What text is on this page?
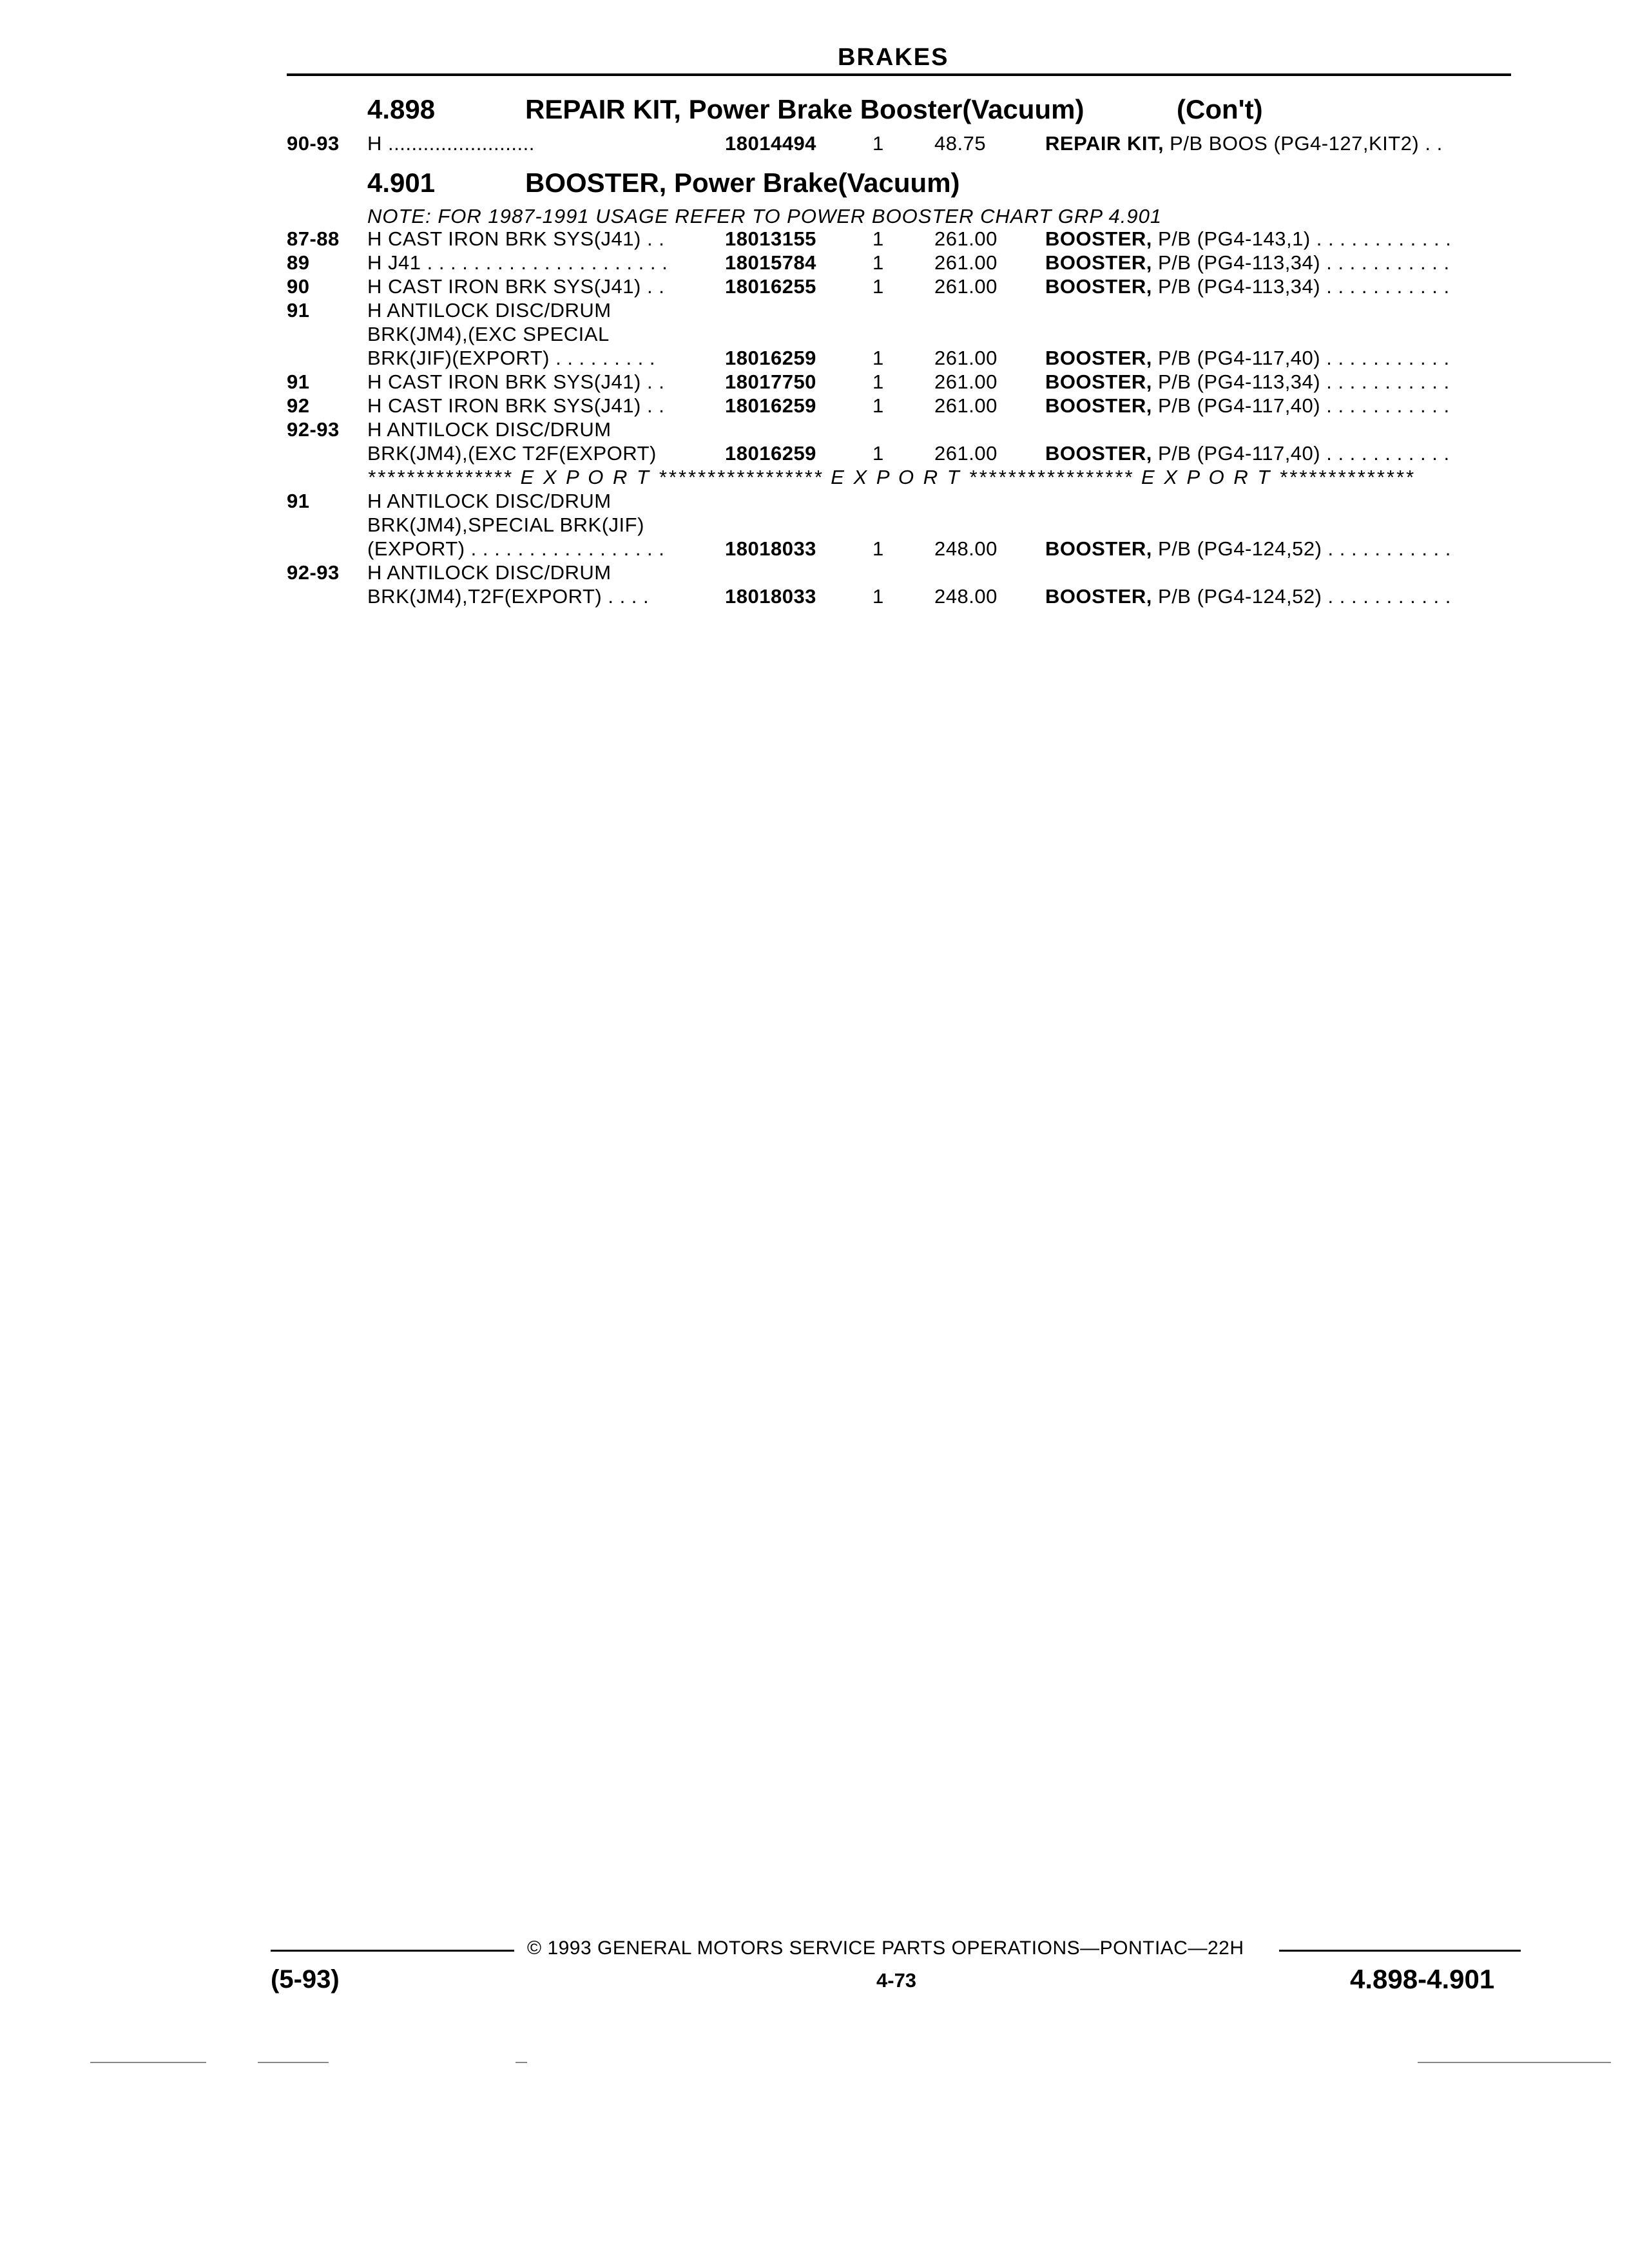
BRAKES
4.898	REPAIR KIT, Power Brake Booster(Vacuum)	(Con't)
90-93 H .........................	18014494	1	48.75	REPAIR KIT, P/B BOOS (PG4-127,KIT2) . .
4.901	BOOSTER, Power Brake(Vacuum)
NOTE: FOR 1987-1991 USAGE REFER TO POWER BOOSTER CHART GRP 4.901
87-88 H CAST IRON BRK SYS(J41) . .	18013155	1	261.00 BOOSTER, P/B (PG4-143,1) . . . . . . . . . . . .
89	H J41 . . . . . . . . . . . . . . . . . . . . .	18015784	1	261.00 BOOSTER, P/B (PG4-113,34) . . . . . . . . . . .
90	H CAST IRON BRK SYS(J41) . .	18016255	1	261.00 BOOSTER, P/B (PG4-113,34) . . . . . . . . . . .
91	H ANTILOCK DISC/DRUM
BRK(JM4),(EXC SPECIAL
BRK(JIF)(EXPORT) . . . . . . . . .	18016259	1	261.00 BOOSTER, P/B (PG4-117,40) . . . . . . . . . . .
91	H CAST IRON BRK SYS(J41) . .	18017750	1	261.00 BOOSTER, P/B (PG4-113,34) . . . . . . . . . . .
92	H CAST IRON BRK SYS(J41) . .	18016259	1	261.00 BOOSTER, P/B (PG4-117,40) . . . . . . . . . . .
92-93 H ANTILOCK DISC/DRUM
BRK(JM4),(EXC T2F(EXPORT)	18016259	1	261.00 BOOSTER, P/B (PG4-117,40) . . . . . . . . . . .
*************** E X P O R T ***************** E X P O R T ***************** E X P O R T **************
91	H ANTILOCK DISC/DRUM
BRK(JM4),SPECIAL BRK(JIF)
(EXPORT) . . . . . . . . . . . . . . . . .	18018033	1	248.00 BOOSTER, P/B (PG4-124,52) . . . . . . . . . . .
92-93 H ANTILOCK DISC/DRUM
BRK(JM4),T2F(EXPORT) . . . .	18018033	1	248.00 BOOSTER, P/B (PG4-124,52) . . . . . . . . . . .
© 1993 GENERAL MOTORS SERVICE PARTS OPERATIONS—PONTIAC—22H
(5-93)	4-73	4.898-4.901
